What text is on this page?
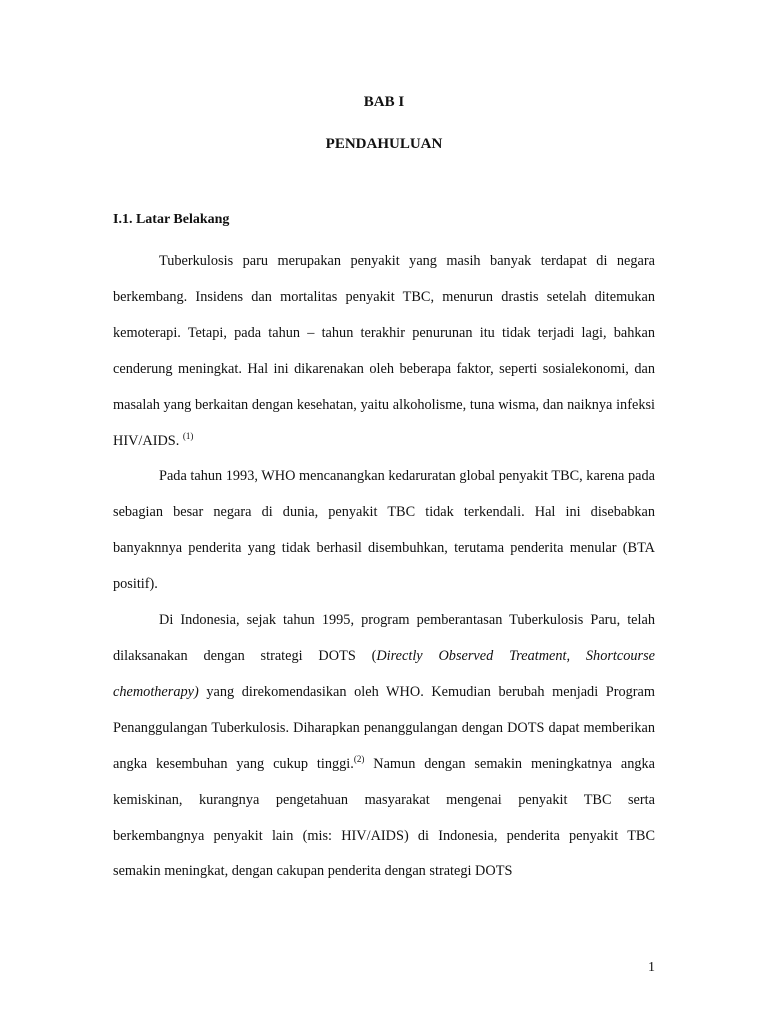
BAB I
PENDAHULUAN
I.1. Latar Belakang

Tuberkulosis paru merupakan penyakit yang masih banyak terdapat di negara berkembang. Insidens dan mortalitas penyakit TBC, menurun drastis setelah ditemukan kemoterapi. Tetapi, pada tahun – tahun terakhir penurunan itu tidak terjadi lagi, bahkan cenderung meningkat. Hal ini dikarenakan oleh beberapa faktor, seperti sosialekonomi, dan masalah yang berkaitan dengan kesehatan, yaitu alkoholisme, tuna wisma, dan naiknya infeksi HIV/AIDS. $^{(1)}$

Pada tahun 1993, WHO mencanangkan kedaruratan global penyakit TBC, karena pada sebagian besar negara di dunia, penyakit TBC tidak terkendali. Hal ini disebabkan banyaknnya penderita yang tidak berhasil disembuhkan, terutama penderita menular (BTA positif).

Di Indonesia, sejak tahun 1995, program pemberantasan Tuberkulosis Paru, telah dilaksanakan dengan strategi DOTS (Directly Observed Treatment, Shortcourse chemotherapy) yang direkomendasikan oleh WHO. Kemudian berubah menjadi Program Penanggulangan Tuberkulosis. Diharapkan penanggulangan dengan DOTS dapat memberikan angka kesembuhan yang cukup tinggi.$^{(2)}$ Namun dengan semakin meningkatnya angka kemiskinan, kurangnya pengetahuan masyarakat mengenai penyakit TBC serta berkembangnya penyakit lain (mis: HIV/AIDS) di Indonesia, penderita penyakit TBC semakin meningkat, dengan cakupan penderita dengan strategi DOTS

1
